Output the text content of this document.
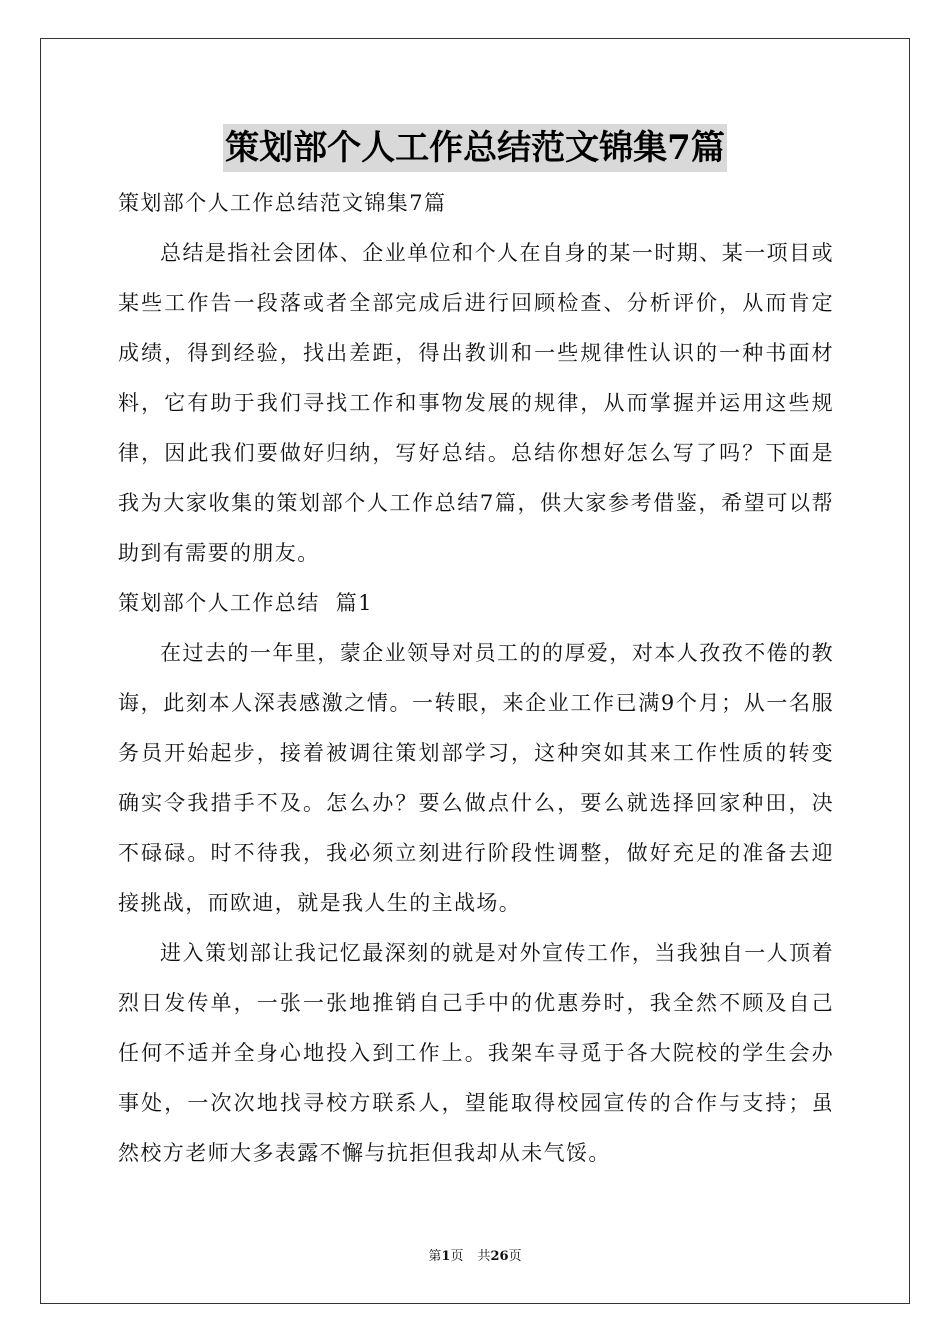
策划部个人工作总结范文锦集7篇

策划部个人工作总结范文锦集7篇

总结是指社会团体、企业单位和个人在自身的某一时期、某一项目或某些工作告一段落或者全部完成后进行回顾检查、分析评价，从而肯定成绩，得到经验，找出差距，得出教训和一些规律性认识的一种书面材料，它有助于我们寻找工作和事物发展的规律，从而掌握并运用这些规律，因此我们要做好归纳，写好总结。总结你想好怎么写了吗？下面是我为大家收集的策划部个人工作总结7篇，供大家参考借鉴，希望可以帮助到有需要的朋友。

策划部个人工作总结  篇1

在过去的一年里，蒙企业领导对员工的的厚爱，对本人孜孜不倦的教诲，此刻本人深表感激之情。一转眼，来企业工作已满9个月；从一名服务员开始起步，接着被调往策划部学习，这种突如其来工作性质的转变确实令我措手不及。怎么办？要么做点什么，要么就选择回家种田，决不碌碌。时不待我，我必须立刻进行阶段性调整，做好充足的准备去迎接挑战，而欧迪，就是我人生的主战场。

进入策划部让我记忆最深刻的就是对外宣传工作，当我独自一人顶着烈日发传单，一张一张地推销自己手中的优惠券时，我全然不顾及自己任何不适并全身心地投入到工作上。我架车寻觅于各大院校的学生会办事处，一次次地找寻校方联系人，望能取得校园宣传的合作与支持；虽然校方老师大多表露不懈与抗拒但我却从未气馁。

第1页 共26页
